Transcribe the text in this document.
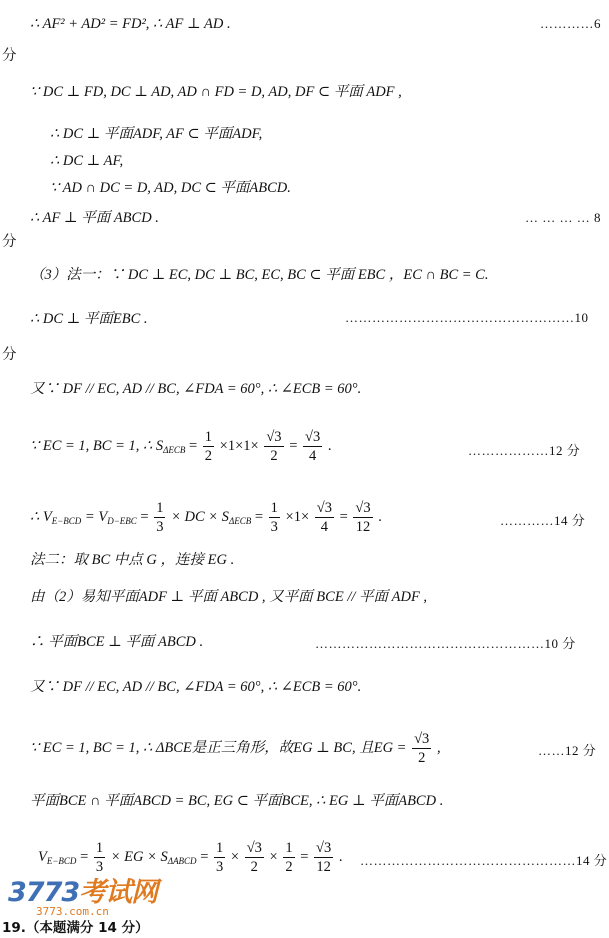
∴ AF² + AD² = FD², ∴ AF ⊥ AD .	…………6
分
∵ DC ⊥ FD, DC ⊥ AD, AD ∩ FD = D, AD, DF ⊂ 平面 ADF ,
∴ DC ⊥ 平面ADF, AF ⊂ 平面ADF,
∴ DC ⊥ AF,
∵ AD ∩ DC = D, AD, DC ⊂ 平面ABCD.
∴ AF ⊥ 平面 ABCD .	… … … … 8
分
（3）法一：∵ DC ⊥ EC, DC ⊥ BC, EC, BC ⊂ 平面 EBC ，EC ∩ BC = C.
∴ DC ⊥ 平面EBC .	……………………………………………10
分
又∵ DF // EC, AD // BC, ∠FDA = 60°, ∴ ∠ECB = 60°.
∵ EC = 1, BC = 1, ∴ $S_{\Delta ECB} = \frac{1}{2} \times 1\times 1\times \frac{√3}{2} = \frac{√3}{4}$ .	………………12 分
∴ $V_{E-BCD} = V_{D-EBC} = \frac{1}{3}$ × DC × $S_{\Delta ECB} = \frac{1}{3} \times 1\times \frac{√3}{4} = \frac{√3}{12}$ .	…………14 分
法二：取 BC 中点 G ，连接 EG .
由（2）易知平面ADF ⊥ 平面 ABCD , 又平面 BCE // 平面 ADF ,
∴ 平面BCE ⊥ 平面 ABCD .	……………………………………………10 分
又∵ DF // EC, AD // BC, ∠FDA = 60°, ∴ ∠ECB = 60°.
∵ EC = 1, BC = 1, ∴ ΔBCE是正三角形，故EG ⊥ BC, 且EG = $\frac{√3}{2}$ ,	……12 分
平面BCE ∩ 平面ABCD = BC, EG ⊂ 平面BCE, ∴ EG ⊥ 平面ABCD .
$V_{E-BCD} = \frac{1}{3}$ × EG × $S_{\Delta ABCD} = \frac{1}{3} \times \frac{√3}{2} \times \frac{1}{2} = \frac{√3}{12}$ . …………………………………………14 分
3773考试网
3773.com.cn
19.（本题满分 14 分）
